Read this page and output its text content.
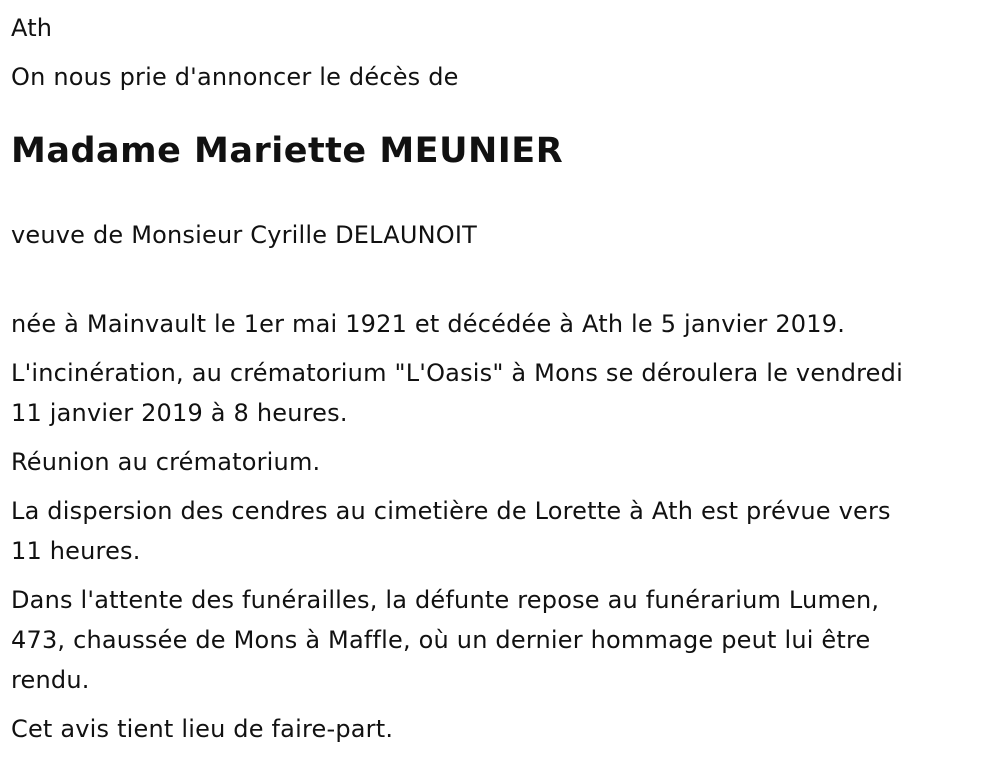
Ath

On nous prie d'annoncer le décès de

Madame Mariette MEUNIER

veuve de Monsieur Cyrille DELAUNOIT

née à Mainvault le 1er mai 1921 et décédée à Ath le 5 janvier 2019.

L'incinération, au crématorium "L'Oasis" à Mons se déroulera le vendredi
11 janvier 2019 à 8 heures.

Réunion au crématorium.

La dispersion des cendres au cimetière de Lorette à Ath est prévue vers
11 heures.

Dans l'attente des funérailles, la défunte repose au funérarium Lumen,
473, chaussée de Mons à Maffle, où un dernier hommage peut lui être
rendu.

Cet avis tient lieu de faire-part.
